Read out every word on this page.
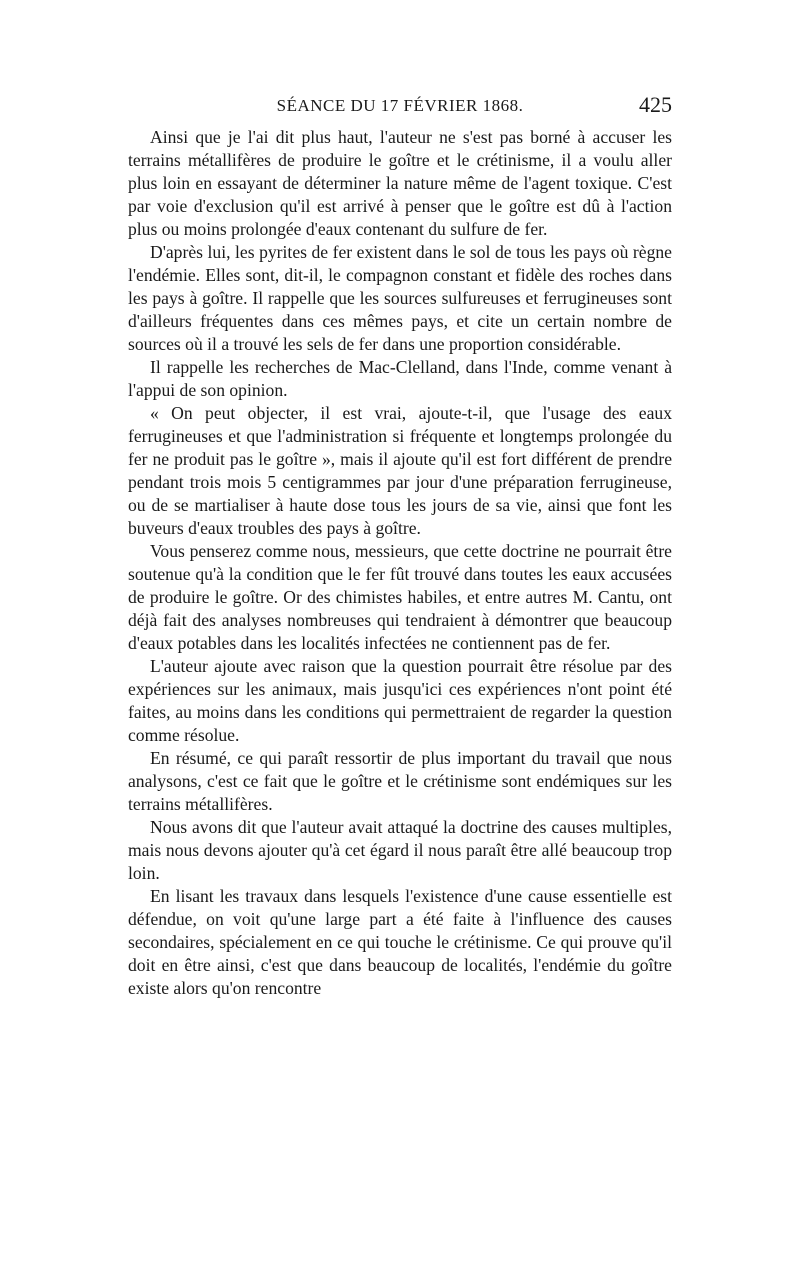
SÉANCE DU 17 FÉVRIER 1868.	425

Ainsi que je l'ai dit plus haut, l'auteur ne s'est pas borné à accuser les terrains métallifères de produire le goître et le crétinisme, il a voulu aller plus loin en essayant de déterminer la nature même de l'agent toxique. C'est par voie d'exclusion qu'il est arrivé à penser que le goître est dû à l'action plus ou moins prolongée d'eaux contenant du sulfure de fer.

D'après lui, les pyrites de fer existent dans le sol de tous les pays où règne l'endémie. Elles sont, dit-il, le compagnon constant et fidèle des roches dans les pays à goître. Il rappelle que les sources sulfureuses et ferrugineuses sont d'ailleurs fréquentes dans ces mêmes pays, et cite un certain nombre de sources où il a trouvé les sels de fer dans une proportion considérable.

Il rappelle les recherches de Mac-Clelland, dans l'Inde, comme venant à l'appui de son opinion.

« On peut objecter, il est vrai, ajoute-t-il, que l'usage des eaux ferrugineuses et que l'administration si fréquente et longtemps prolongée du fer ne produit pas le goître », mais il ajoute qu'il est fort différent de prendre pendant trois mois 5 centigrammes par jour d'une préparation ferrugineuse, ou de se martialiser à haute dose tous les jours de sa vie, ainsi que font les buveurs d'eaux troubles des pays à goître.

Vous penserez comme nous, messieurs, que cette doctrine ne pourrait être soutenue qu'à la condition que le fer fût trouvé dans toutes les eaux accusées de produire le goître. Or des chimistes habiles, et entre autres M. Cantu, ont déjà fait des analyses nombreuses qui tendraient à démontrer que beaucoup d'eaux potables dans les localités infectées ne contiennent pas de fer.

L'auteur ajoute avec raison que la question pourrait être résolue par des expériences sur les animaux, mais jusqu'ici ces expériences n'ont point été faites, au moins dans les conditions qui permettraient de regarder la question comme résolue.

En résumé, ce qui paraît ressortir de plus important du travail que nous analysons, c'est ce fait que le goître et le crétinisme sont endémiques sur les terrains métallifères.

Nous avons dit que l'auteur avait attaqué la doctrine des causes multiples, mais nous devons ajouter qu'à cet égard il nous paraît être allé beaucoup trop loin.

En lisant les travaux dans lesquels l'existence d'une cause essentielle est défendue, on voit qu'une large part a été faite à l'influence des causes secondaires, spécialement en ce qui touche le crétinisme. Ce qui prouve qu'il doit en être ainsi, c'est que dans beaucoup de localités, l'endémie du goître existe alors qu'on rencontre
